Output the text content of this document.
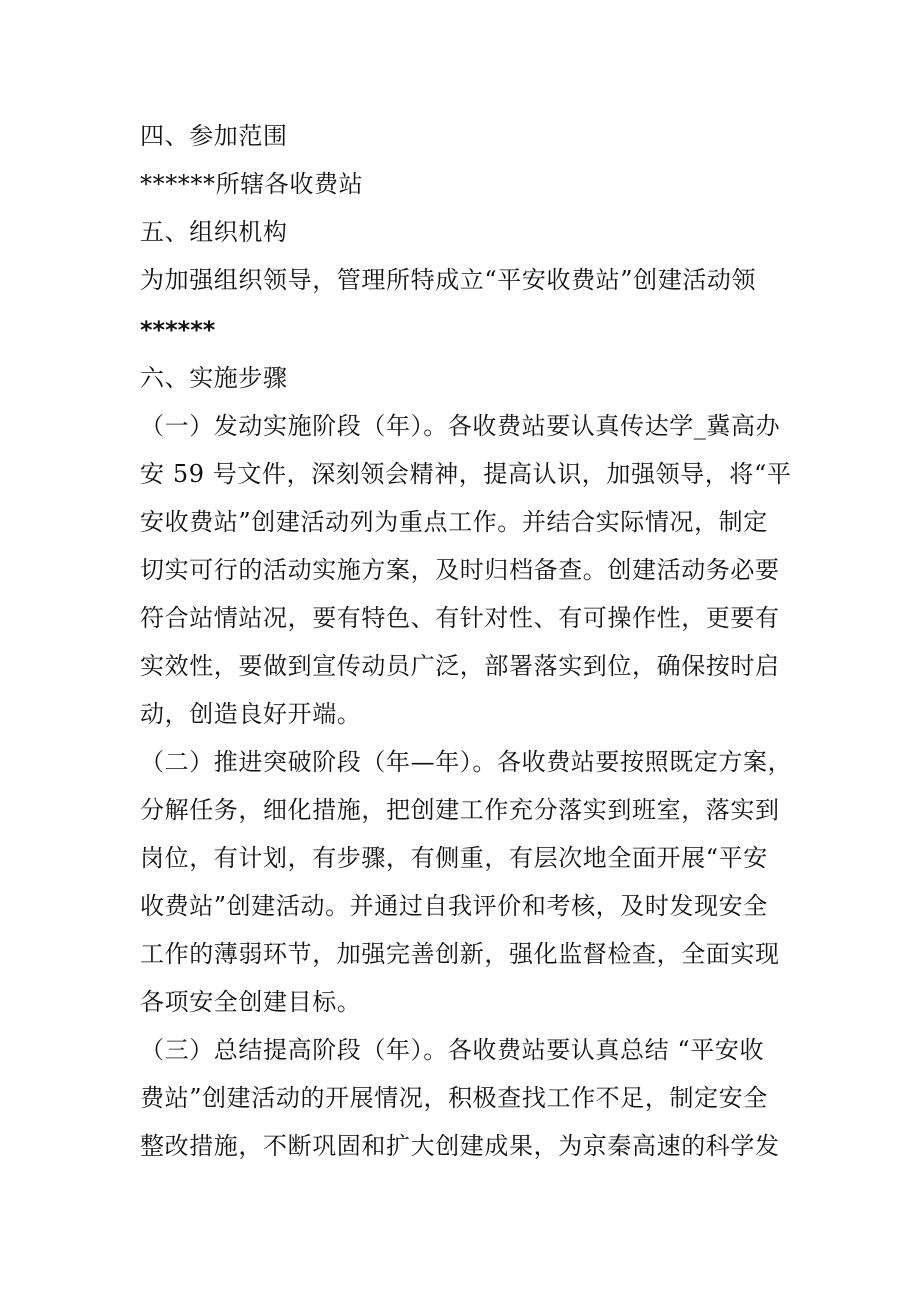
四、参加范围
******所辖各收费站
五、组织机构
为加强组织领导，管理所特成立“平安收费站”创建活动领
******
六、实施步骤
（一）发动实施阶段（年）。各收费站要认真传达学_冀高办
安 59 号文件，深刻领会精神，提高认识，加强领导，将“平
安收费站”创建活动列为重点工作。并结合实际情况，制定
切实可行的活动实施方案，及时归档备查。创建活动务必要
符合站情站况，要有特色、有针对性、有可操作性，更要有
实效性，要做到宣传动员广泛，部署落实到位，确保按时启
动，创造良好开端。
（二）推进突破阶段（年—年）。各收费站要按照既定方案，
分解任务，细化措施，把创建工作充分落实到班室，落实到
岗位，有计划，有步骤，有侧重，有层次地全面开展“平安
收费站”创建活动。并通过自我评价和考核，及时发现安全
工作的薄弱环节，加强完善创新，强化监督检查，全面实现
各项安全创建目标。
（三）总结提高阶段（年）。各收费站要认真总结 “平安收
费站”创建活动的开展情况，积极查找工作不足，制定安全
整改措施，不断巩固和扩大创建成果，为京秦高速的科学发
